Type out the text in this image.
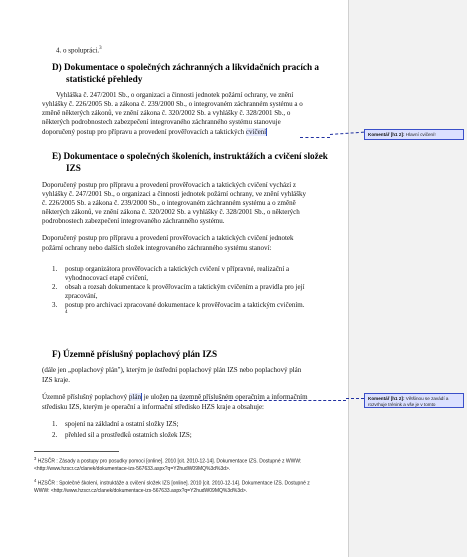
4. o spolupráci.$^3$
D) Dokumentace o společných záchranných a likvidačních pracích a
statistické přehledy
Vyhláška č. 247/2001 Sb., o organizaci a činnosti jednotek požární ochrany, ve znění
vyhlášky č. 226/2005 Sb. a zákona č. 239/2000 Sb., o integrovaném záchranném systému a o
změně některých zákonů, ve znění zákona č. 320/2002 Sb. a vyhlášky č. 328/2001 Sb., o
některých podrobnostech zabezpečení integrovaného záchranného systému stanovuje
doporučený postup pro přípravu a provedení prověřovacích a taktických cvičení
E) Dokumentace o společných školeních, instruktážích a cvičení složek
IZS
Doporučený postup pro přípravu a provedení prověřovacích a taktických cvičení vychází z
vyhlášky č. 247/2001 Sb., o organizaci a činnosti jednotek požární ochrany, ve znění vyhlášky
č. 226/2005 Sb. a zákona č. 239/2000 Sb., o integrovaném záchranném systému a o změně
některých zákonů, ve znění zákona č. 320/2002 Sb. a vyhlášky č. 328/2001 Sb., o některých
podrobnostech zabezpečení integrovaného záchranného systému.
Doporučený postup pro přípravu a provedení prověřovacích a taktických cvičení jednotek
požární ochrany nebo dalších složek integrovaného záchranného systému stanoví:
1. postup organizátora prověřovacích a taktických cvičení v přípravné, realizační a
vyhodnocovací etapě cvičení,
2. obsah a rozsah dokumentace k prověřovacím a taktickým cvičením a pravidla pro její
zpracování,
3. postup pro archivaci zpracované dokumentace k prověřovacím a taktickým cvičením.
4
F) Územně příslušný poplachový plán IZS
(dále jen „poplachový plán"), kterým je ústřední poplachový plán IZS nebo poplachový plán
IZS kraje.
Územně příslušný poplachový plán je uložen na územně příslušném operačním a informačním
středisku IZS, kterým je operační a informační středisko HZS kraje a obsahuje:
1. spojení na základní a ostatní složky IZS;
2. přehled sil a prostředků ostatních složek IZS;
$^3$ HZSČR : Zásady a postupy pro posudky pomoci [online]. 2010 [cit. 2010-12-14]. Dokumentace IZS. Dostupné z WWW:
<http://www.hzscr.cz/clanek/dokumentace-izs-567633.aspx?q=Y2hudW09MQ%3d%3d>.
$^4$ HZSČR : Společné školení, instruktáže a cvičení složek IZS [online]. 2010 [cit. 2010-12-14]. Dokumentace IZS. Dostupné z
WWW: <http://www.hzscr.cz/clanek/dokumentace-izs-567633.aspx?q=Y2hudW09MQ%3d%3d>.
Komentář [h1 2]: Hlavní cvičení!
Komentář [h1 2]: Většinou se zavádí a rozvrhuje trénink a vše je v tomto
